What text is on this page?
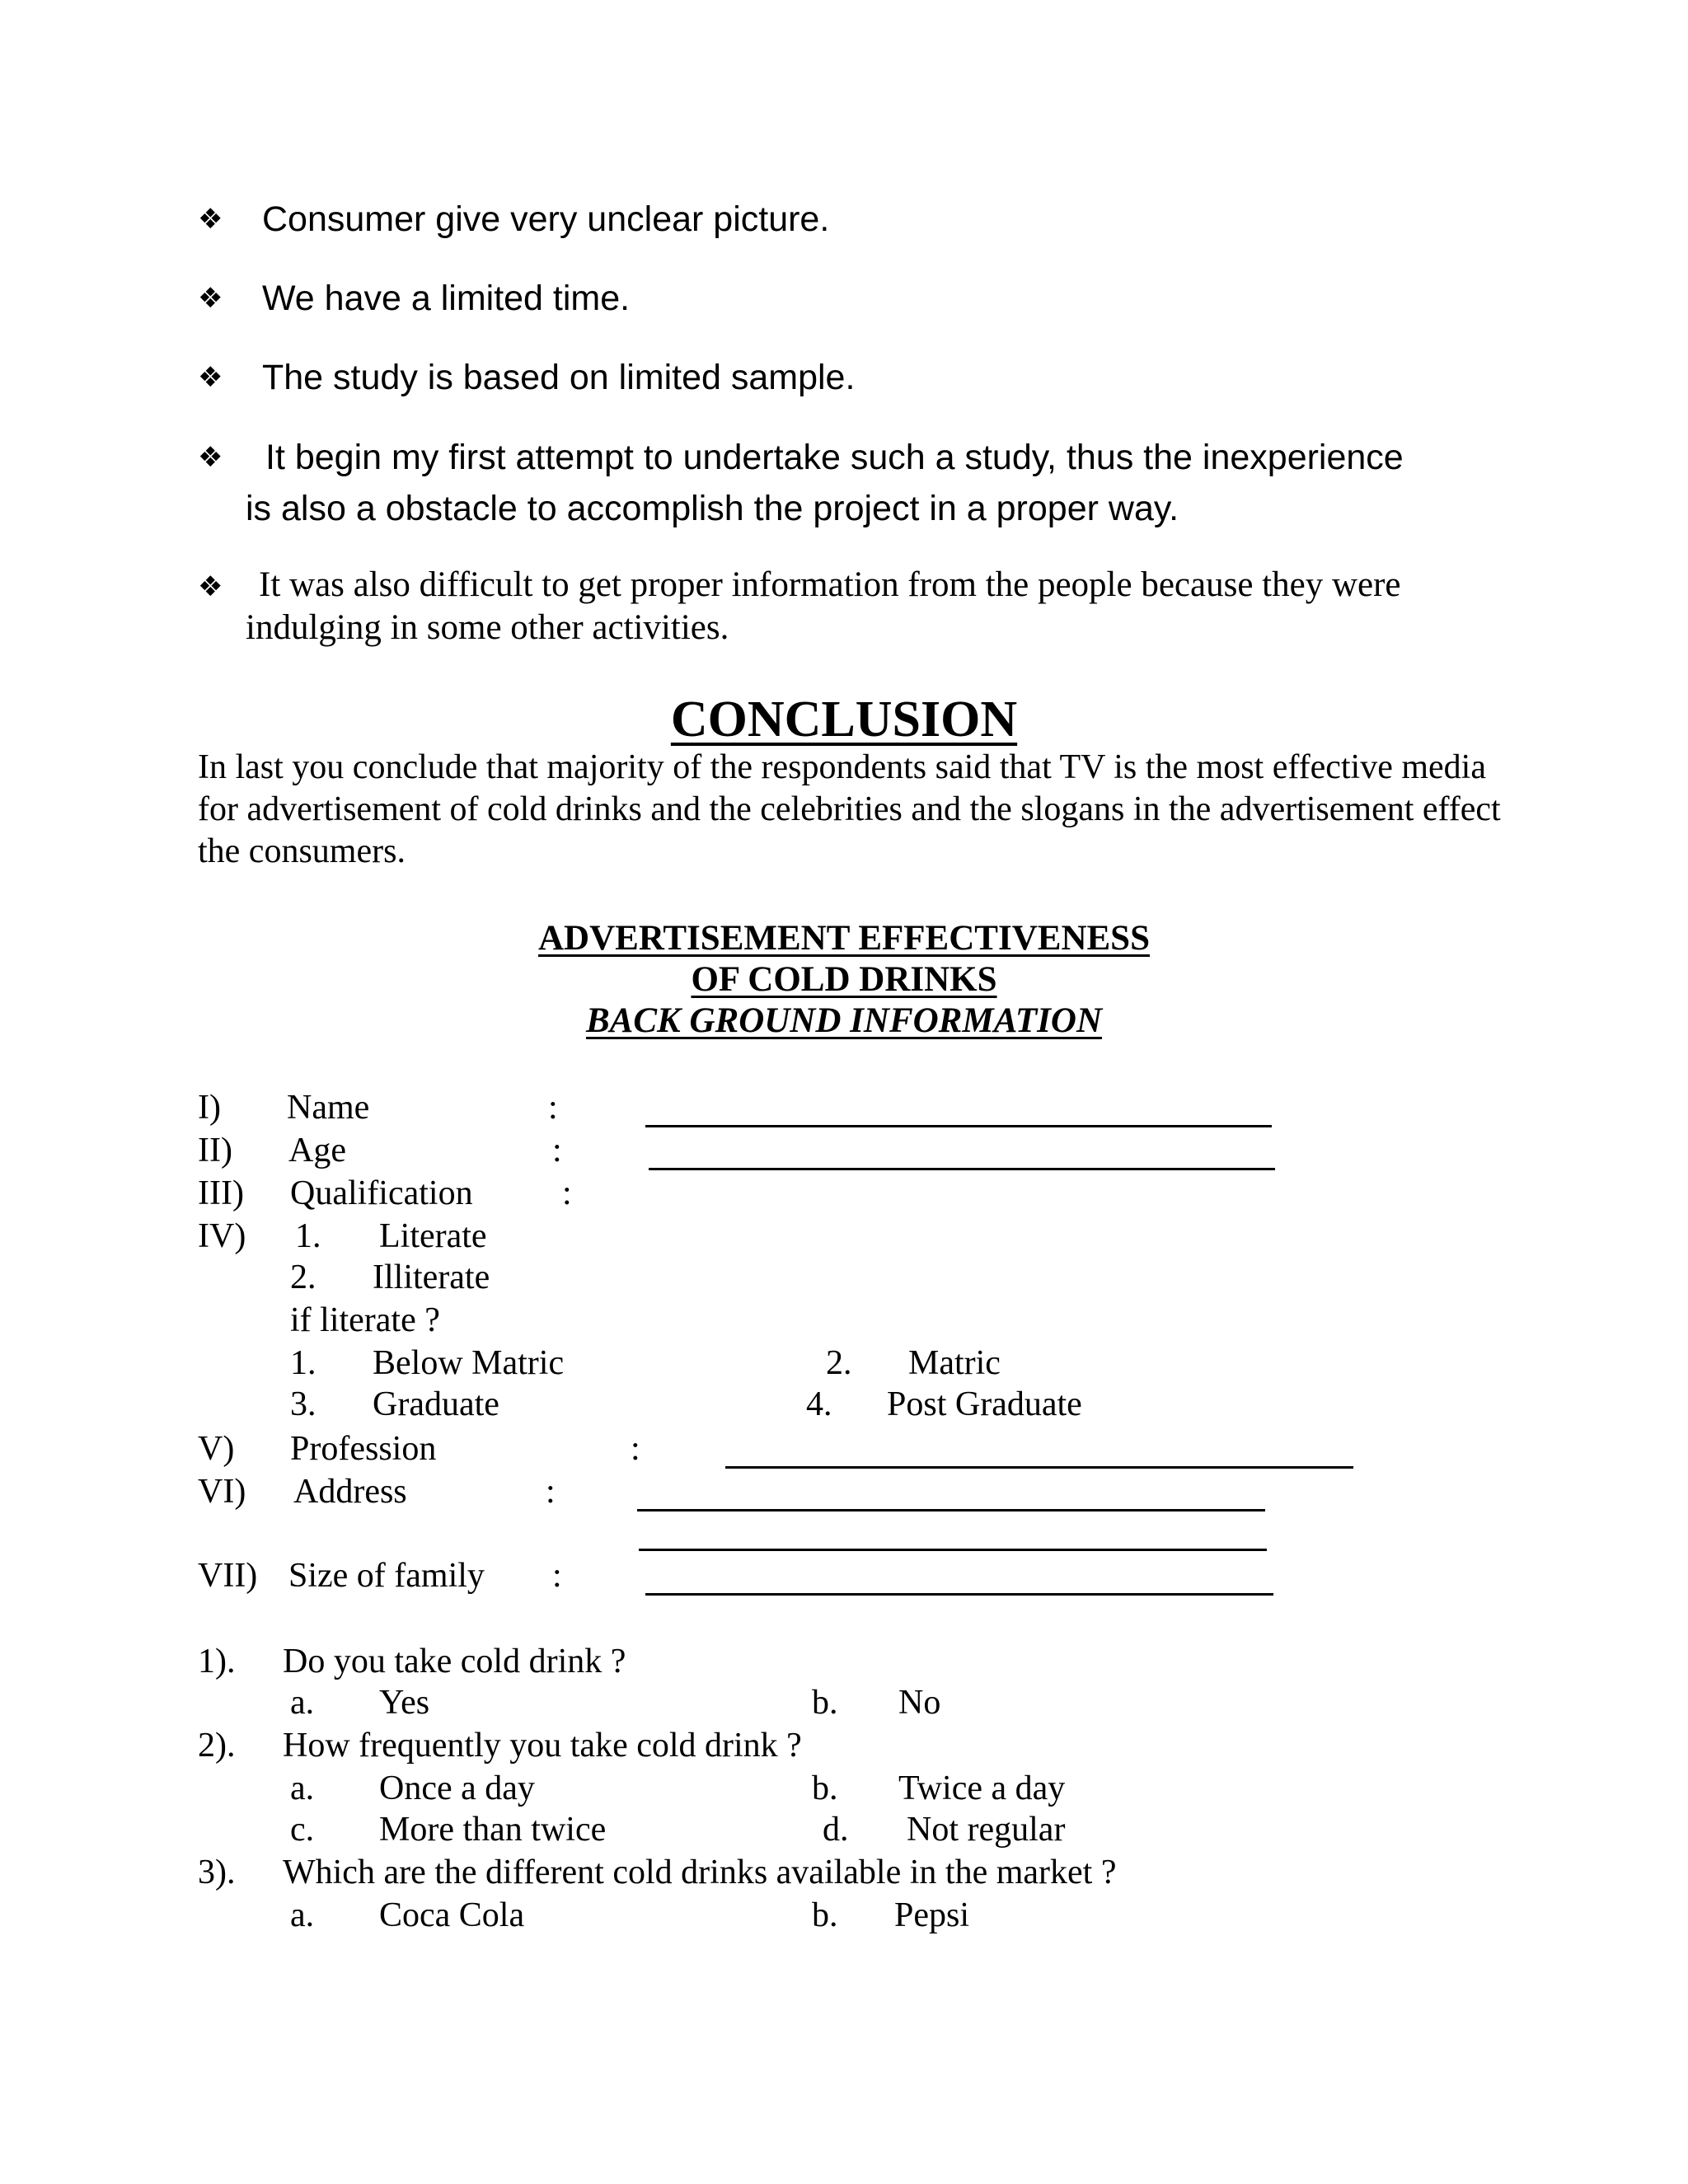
❖ Consumer give very unclear picture.
❖ We have a limited time.
❖ The study is based on limited sample.
❖ It begin my first attempt to undertake such a study, thus the inexperience
is also a obstacle to accomplish the project in a proper way.
❖ It was also difficult to get proper information from the people because they were
indulging in some other activities.
CONCLUSION
In last you conclude that majority of the respondents said that TV is the most effective media for advertisement of cold drinks and the celebrities and the slogans in the advertisement effect the consumers.
ADVERTISEMENT EFFECTIVENESS
OF COLD DRINKS
BACK GROUND INFORMATION
I) Name	:
II) Age	:
III) Qualification	:
IV) 1. Literate
2. Illiterate
if literate ?
1. Below Matric	2. Matric
3. Graduate	4. Post Graduate
V) Profession	:
VI) Address	:
VII) Size of family :
1). Do you take cold drink ?
a. Yes	b. No
2). How frequently you take cold drink ?
a. Once a day	b. Twice a day
c. More than twice	d. Not regular
3). Which are the different cold drinks available in the market ?
a. Coca Cola	b. Pepsi
